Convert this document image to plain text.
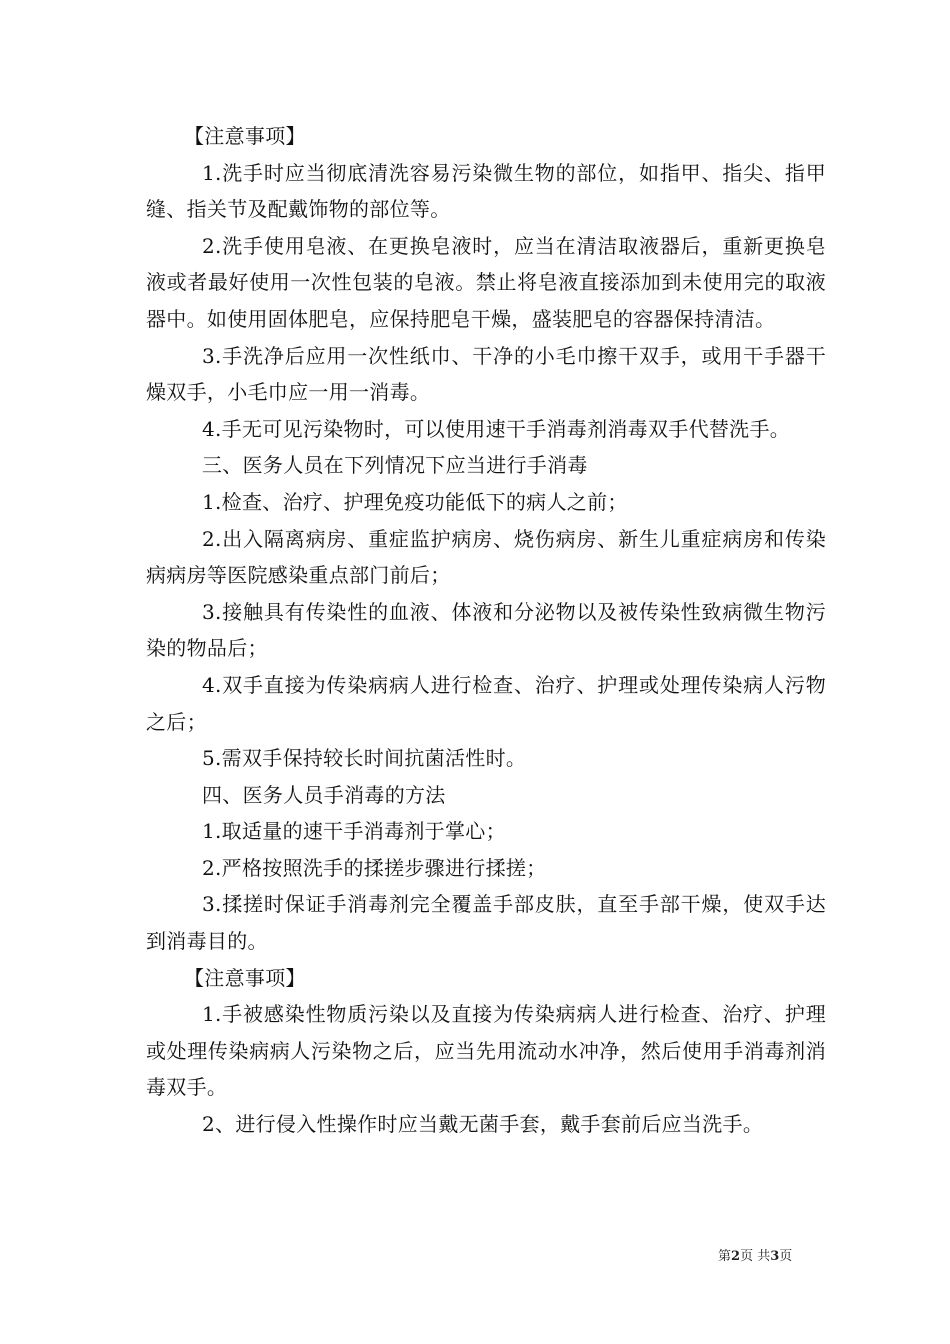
【注意事项】

1.洗手时应当彻底清洗容易污染微生物的部位，如指甲、指尖、指甲缝、指关节及配戴饰物的部位等。

2.洗手使用皂液、在更换皂液时，应当在清洁取液器后，重新更换皂液或者最好使用一次性包装的皂液。禁止将皂液直接添加到未使用完的取液器中。如使用固体肥皂，应保持肥皂干燥，盛装肥皂的容器保持清洁。

3.手洗净后应用一次性纸巾、干净的小毛巾擦干双手，或用干手器干燥双手，小毛巾应一用一消毒。

4.手无可见污染物时，可以使用速干手消毒剂消毒双手代替洗手。

三、医务人员在下列情况下应当进行手消毒

1.检查、治疗、护理免疫功能低下的病人之前；

2.出入隔离病房、重症监护病房、烧伤病房、新生儿重症病房和传染病病房等医院感染重点部门前后；

3.接触具有传染性的血液、体液和分泌物以及被传染性致病微生物污染的物品后；

4.双手直接为传染病病人进行检查、治疗、护理或处理传染病人污物之后；

5.需双手保持较长时间抗菌活性时。

四、医务人员手消毒的方法

1.取适量的速干手消毒剂于掌心；

2.严格按照洗手的揉搓步骤进行揉搓；

3.揉搓时保证手消毒剂完全覆盖手部皮肤，直至手部干燥，使双手达到消毒目的。

【注意事项】

1.手被感染性物质污染以及直接为传染病病人进行检查、治疗、护理或处理传染病病人污染物之后，应当先用流动水冲净，然后使用手消毒剂消毒双手。

2、进行侵入性操作时应当戴无菌手套，戴手套前后应当洗手。

第2页 共3页
